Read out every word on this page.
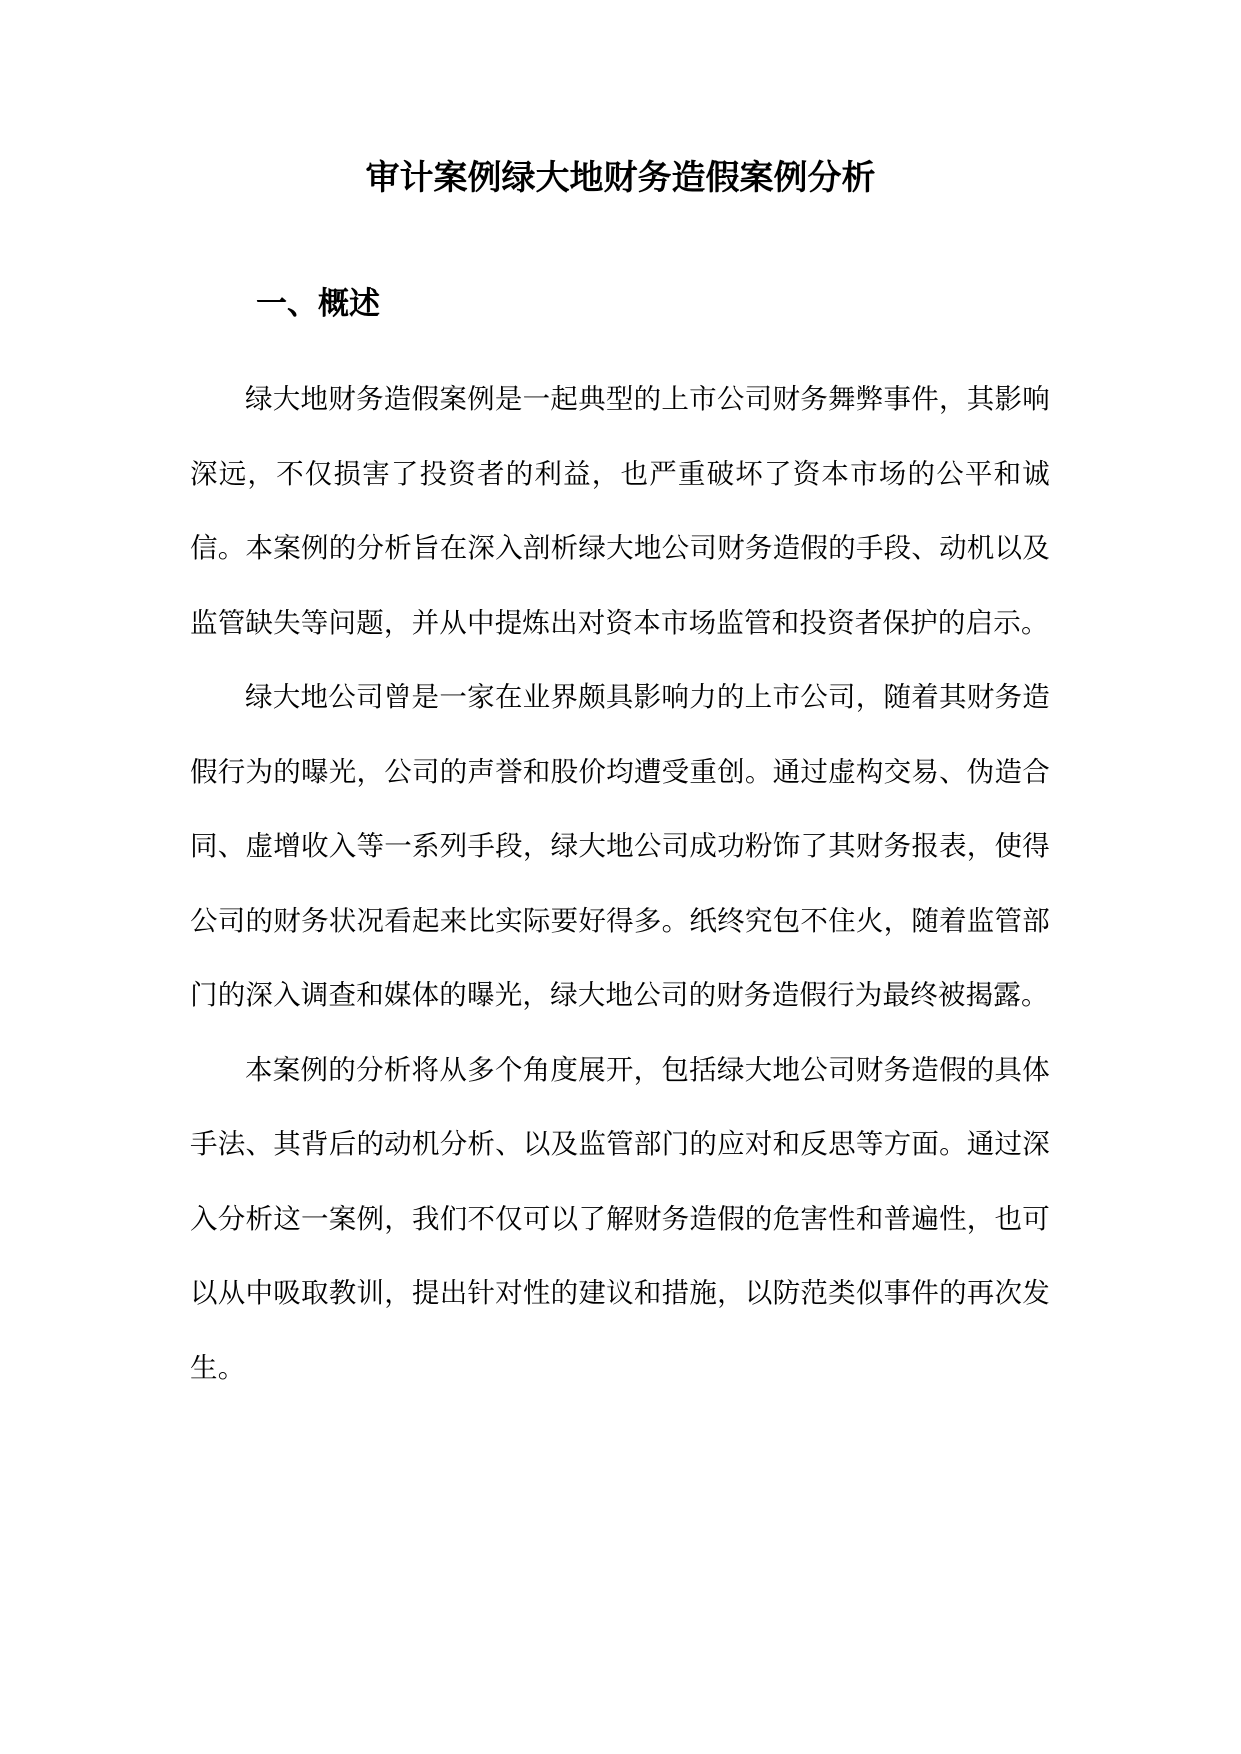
审计案例绿大地财务造假案例分析
一、概述

绿大地财务造假案例是一起典型的上市公司财务舞弊事件，其影响深远，不仅损害了投资者的利益，也严重破坏了资本市场的公平和诚信。本案例的分析旨在深入剖析绿大地公司财务造假的手段、动机以及监管缺失等问题，并从中提炼出对资本市场监管和投资者保护的启示。

绿大地公司曾是一家在业界颇具影响力的上市公司，随着其财务造假行为的曝光，公司的声誉和股价均遭受重创。通过虚构交易、伪造合同、虚增收入等一系列手段，绿大地公司成功粉饰了其财务报表，使得公司的财务状况看起来比实际要好得多。纸终究包不住火，随着监管部门的深入调查和媒体的曝光，绿大地公司的财务造假行为最终被揭露。

本案例的分析将从多个角度展开，包括绿大地公司财务造假的具体手法、其背后的动机分析、以及监管部门的应对和反思等方面。通过深入分析这一案例，我们不仅可以了解财务造假的危害性和普遍性，也可以从中吸取教训，提出针对性的建议和措施，以防范类似事件的再次发生。
